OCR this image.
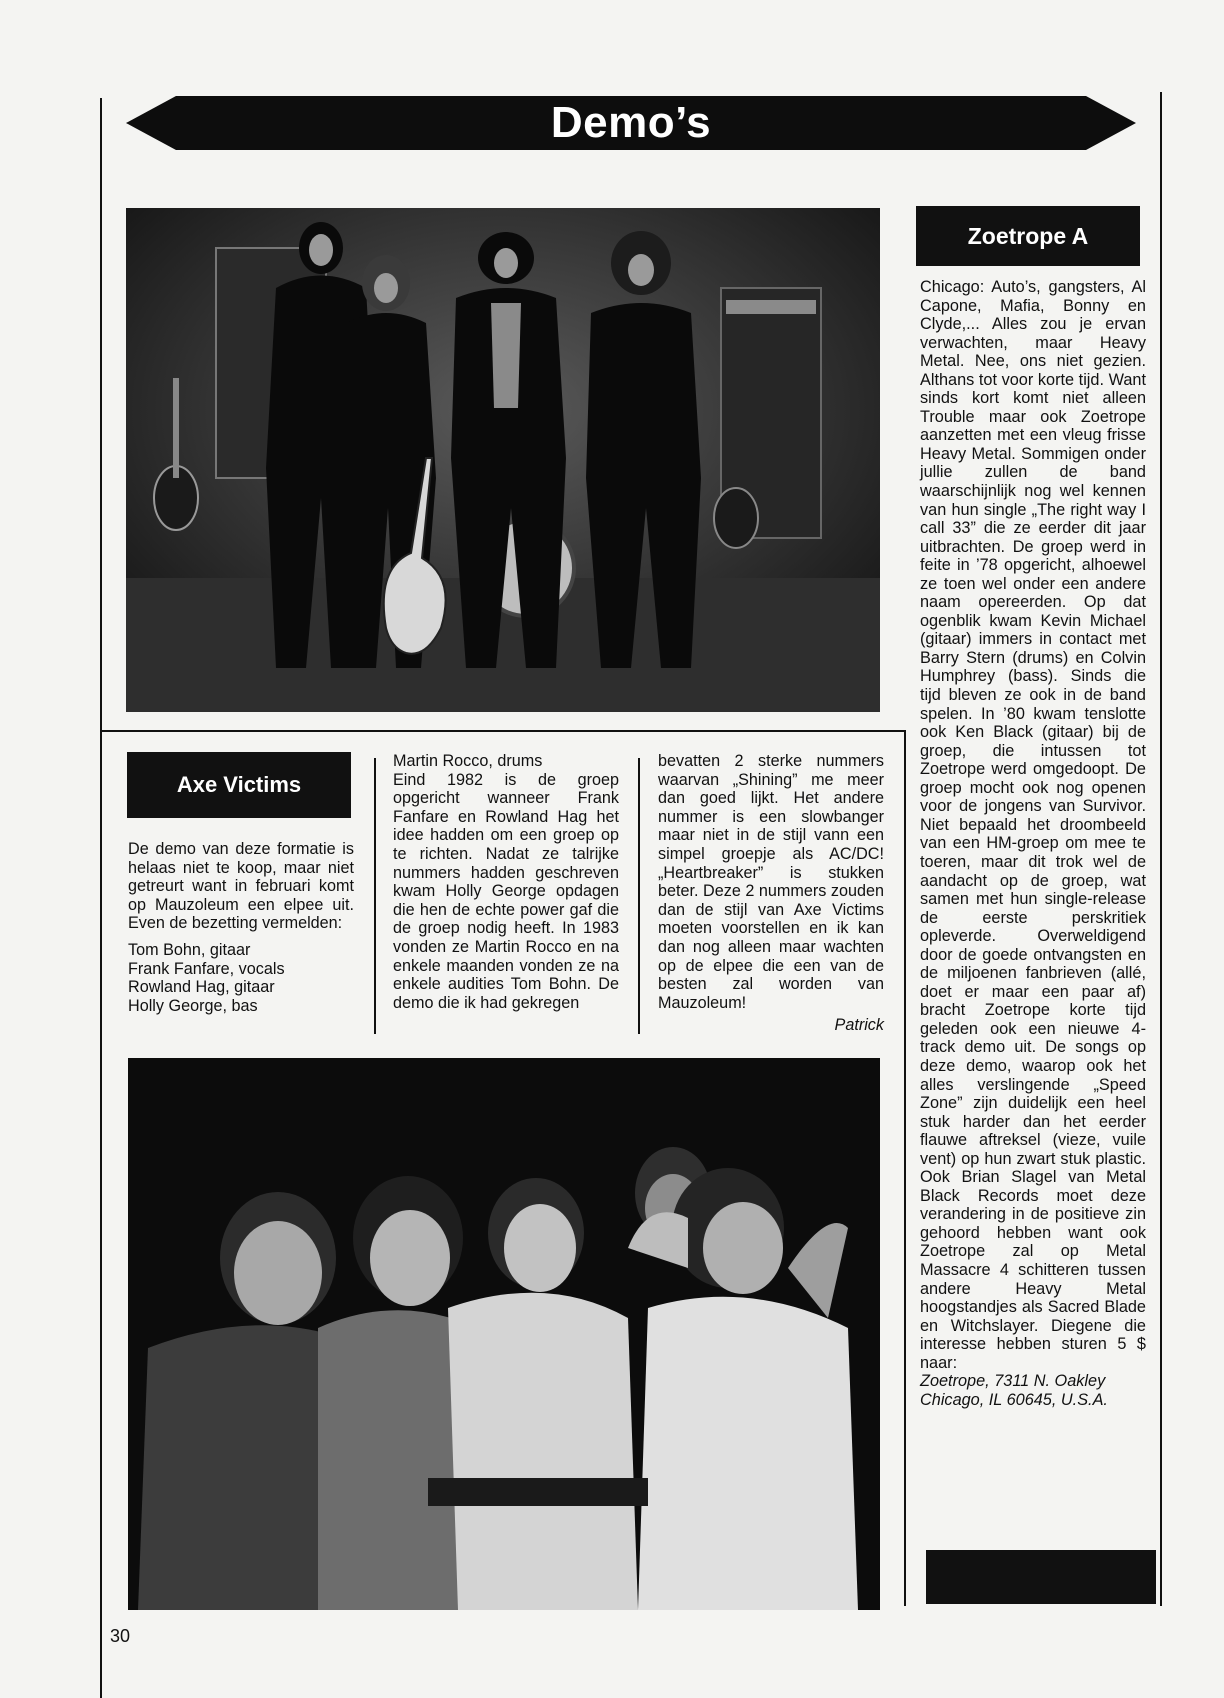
Demo’s
Zoetrope A

Chicago: Auto’s, gangsters, Al Capone, Mafia, Bonny en Clyde,... Alles zou je ervan verwachten, maar Heavy Metal. Nee, ons niet gezien. Althans tot voor korte tijd. Want sinds kort komt niet alleen Trouble maar ook Zoetrope aanzetten met een vleug frisse Heavy Metal. Sommigen onder jullie zullen de band waarschijnlijk nog wel kennen van hun single „The right way I call 33” die ze eerder dit jaar uitbrachten. De groep werd in feite in ’78 opgericht, alhoewel ze toen wel onder een andere naam opereerden. Op dat ogenblik kwam Kevin Michael (gitaar) immers in contact met Barry Stern (drums) en Colvin Humphrey (bass). Sinds die tijd bleven ze ook in de band spelen. In ’80 kwam tenslotte ook Ken Black (gitaar) bij de groep, die intussen tot Zoetrope werd omgedoopt. De groep mocht ook nog openen voor de jongens van Survivor. Niet bepaald het droombeeld van een HM-groep om mee te toeren, maar dit trok wel de aandacht op de groep, wat samen met hun single-release de eerste perskritiek opleverde. Overweldigend door de goede ontvangsten en de miljoenen fanbrieven (allé, doet er maar een paar af) bracht Zoetrope korte tijd geleden ook een nieuwe 4-track demo uit. De songs op deze demo, waarop ook het alles verslingende „Speed Zone” zijn duidelijk een heel stuk harder dan het eerder flauwe aftreksel (vieze, vuile vent) op hun zwart stuk plastic. Ook Brian Slagel van Metal Black Records moet deze verandering in de positieve zin gehoord hebben want ook Zoetrope zal op Metal Massacre 4 schitteren tussen andere Heavy Metal hoogstandjes als Sacred Blade en Witchslayer. Diegene die interesse hebben sturen 5 $ naar:

Zoetrope, 7311 N. Oakley

Chicago, IL 60645, U.S.A.

Axe Victims

De demo van deze formatie is helaas niet te koop, maar niet getreurt want in februari komt op Mauzoleum een elpee uit. Even de bezetting vermelden:

Tom Bohn, gitaar

Frank Fanfare, vocals

Rowland Hag, gitaar

Holly George, bas

Martin Rocco, drums

Eind 1982 is de groep opgericht wanneer Frank Fanfare en Rowland Hag het idee hadden om een groep op te richten. Nadat ze talrijke nummers hadden geschreven kwam Holly George opdagen die hen de echte power gaf die de groep nodig heeft. In 1983 vonden ze Martin Rocco en na enkele maanden vonden ze na enkele audities Tom Bohn. De demo die ik had gekregen

bevatten 2 sterke nummers waarvan „Shining” me meer dan goed lijkt. Het andere nummer is een slowbanger maar niet in de stijl vann een simpel groepje als AC/DC! „Heartbreaker” is stukken beter. Deze 2 nummers zouden dan de stijl van Axe Victims moeten voorstellen en ik kan dan nog alleen maar wachten op de elpee die een van de besten zal worden van Mauzoleum!

Patrick

30
